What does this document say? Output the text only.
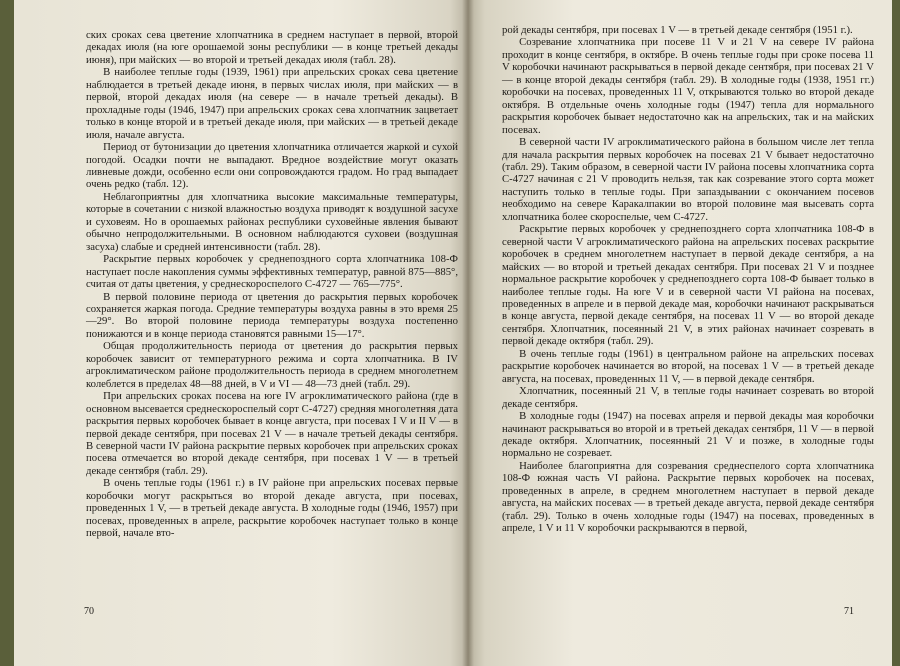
ских сроках сева цветение хлопчатника в среднем наступает в первой, второй декадах июля (на юге орошаемой зоны республики — в конце третьей декады июня), при майских — во второй и третьей декадах июля (табл. 28).

В наиболее теплые годы (1939, 1961) при апрельских сроках сева цветение наблюдается в третьей декаде июня, в первых числах июля, при майских — в первой, второй декадах июля (на севере — в начале третьей декады). В прохладные годы (1946, 1947) при апрельских сроках сева хлопчатник зацветает только в конце второй и в третьей декаде июля, при майских — в третьей декаде июля, начале августа.

Период от бутонизации до цветения хлопчатника отличается жаркой и сухой погодой. Осадки почти не выпадают. Вредное воздействие могут оказать ливневые дожди, особенно если они сопровождаются градом. Но град выпадает очень редко (табл. 12).

Неблагоприятны для хлопчатника высокие максимальные температуры, которые в сочетании с низкой влажностью воздуха приводят к воздушной засухе и суховеям. Но в орошаемых районах республики суховейные явления бывают обычно непродолжительными. В основном наблюдаются суховеи (воздушная засуха) слабые и средней интенсивности (табл. 28).

Раскрытие первых коробочек у среднепоздного сорта хлопчатника 108-Ф наступает после накопления суммы эффективных температур, равной 875—885°, считая от даты цветения, у среднескороспелого С-4727 — 765—775°.

В первой половине периода от цветения до раскрытия первых коробочек сохраняется жаркая погода. Средние температуры воздуха равны в это время 25—29°. Во второй половине периода температуры воздуха постепенно понижаются и в конце периода становятся равными 15—17°.

Общая продолжительность периода от цветения до раскрытия первых коробочек зависит от температурного режима и сорта хлопчатника. В IV агроклиматическом районе продолжительность периода в среднем многолетнем колеблется в пределах 48—88 дней, в V и VI — 48—73 дней (табл. 29).

При апрельских сроках посева на юге IV агроклиматического района (где в основном высевается среднескороспелый сорт С-4727) средняя многолетняя дата раскрытия первых коробочек бывает в конце августа, при посевах I V и II V — в первой декаде сентября, при посевах 21 V — в начале третьей декады сентября. В северной части IV района раскрытие первых коробочек при апрельских сроках посева отмечается во второй декаде сентября, при посевах 1 V — в третьей декаде сентября (табл. 29).

В очень теплые годы (1961 г.) в IV районе при апрельских посевах первые коробочки могут раскрыться во второй декаде августа, при посевах, проведенных 1 V, — в третьей декаде августа. В холодные годы (1946, 1957) при посевах, проведенных в апреле, раскрытие коробочек наступает только в конце первой, начале вто-

70

рой декады сентября, при посевах 1 V — в третьей декаде сентября (1951 г.).

Созревание хлопчатника при посеве 11 V и 21 V на севере IV района проходит в конце сентября, в октябре. В очень теплые годы при сроке посева 11 V коробочки начинают раскрываться в первой декаде сентября, при посевах 21 V — в конце второй декады сентября (табл. 29). В холодные годы (1938, 1951 гг.) коробочки на посевах, проведенных 11 V, открываются только во второй декаде октября. В отдельные очень холодные годы (1947) тепла для нормального раскрытия коробочек бывает недостаточно как на апрельских, так и на майских посевах.

В северной части IV агроклиматического района в большом числе лет тепла для начала раскрытия первых коробочек на посевах 21 V бывает недостаточно (табл. 29). Таким образом, в северной части IV района посевы хлопчатника сорта С-4727 начиная с 21 V проводить нельзя, так как созревание этого сорта может наступить только в теплые годы. При запаздывании с окончанием посевов необходимо на севере Каракалпакии во второй половине мая высевать сорта хлопчатника более скороспелые, чем С-4727.

Раскрытие первых коробочек у среднепозднего сорта хлопчатника 108-Ф в северной части V агроклиматического района на апрельских посевах раскрытие коробочек в среднем многолетнем наступает в первой декаде сентября, а на майских — во второй и третьей декадах сентября. При посевах 21 V и позднее нормальное раскрытие коробочек у среднепозднего сорта 108-Ф бывает только в наиболее теплые годы. На юге V и в северной части VI района на посевах, проведенных в апреле и в первой декаде мая, коробочки начинают раскрываться в конце августа, первой декаде сентября, на посевах 11 V — во второй декаде сентября. Хлопчатник, посеянный 21 V, в этих районах начинает созревать в первой декаде октября (табл. 29).

В очень теплые годы (1961) в центральном районе на апрельских посевах раскрытие коробочек начинается во второй, на посевах 1 V — в третьей декаде августа, на посевах, проведенных 11 V, — в первой декаде сентября.

Хлопчатник, посеянный 21 V, в теплые годы начинает созревать во второй декаде сентября.

В холодные годы (1947) на посевах апреля и первой декады мая коробочки начинают раскрываться во второй и в третьей декадах сентября, 11 V — в первой декаде октября. Хлопчатник, посеянный 21 V и позже, в холодные годы нормально не созревает.

Наиболее благоприятна для созревания среднеспелого сорта хлопчатника 108-Ф южная часть VI района. Раскрытие первых коробочек на посевах, проведенных в апреле, в среднем многолетнем наступает в первой декаде августа, на майских посевах — в третьей декаде августа, первой декаде сентября (табл. 29). Только в очень холодные годы (1947) на посевах, проведенных в апреле, 1 V и 11 V коробочки раскрываются в первой,

71
